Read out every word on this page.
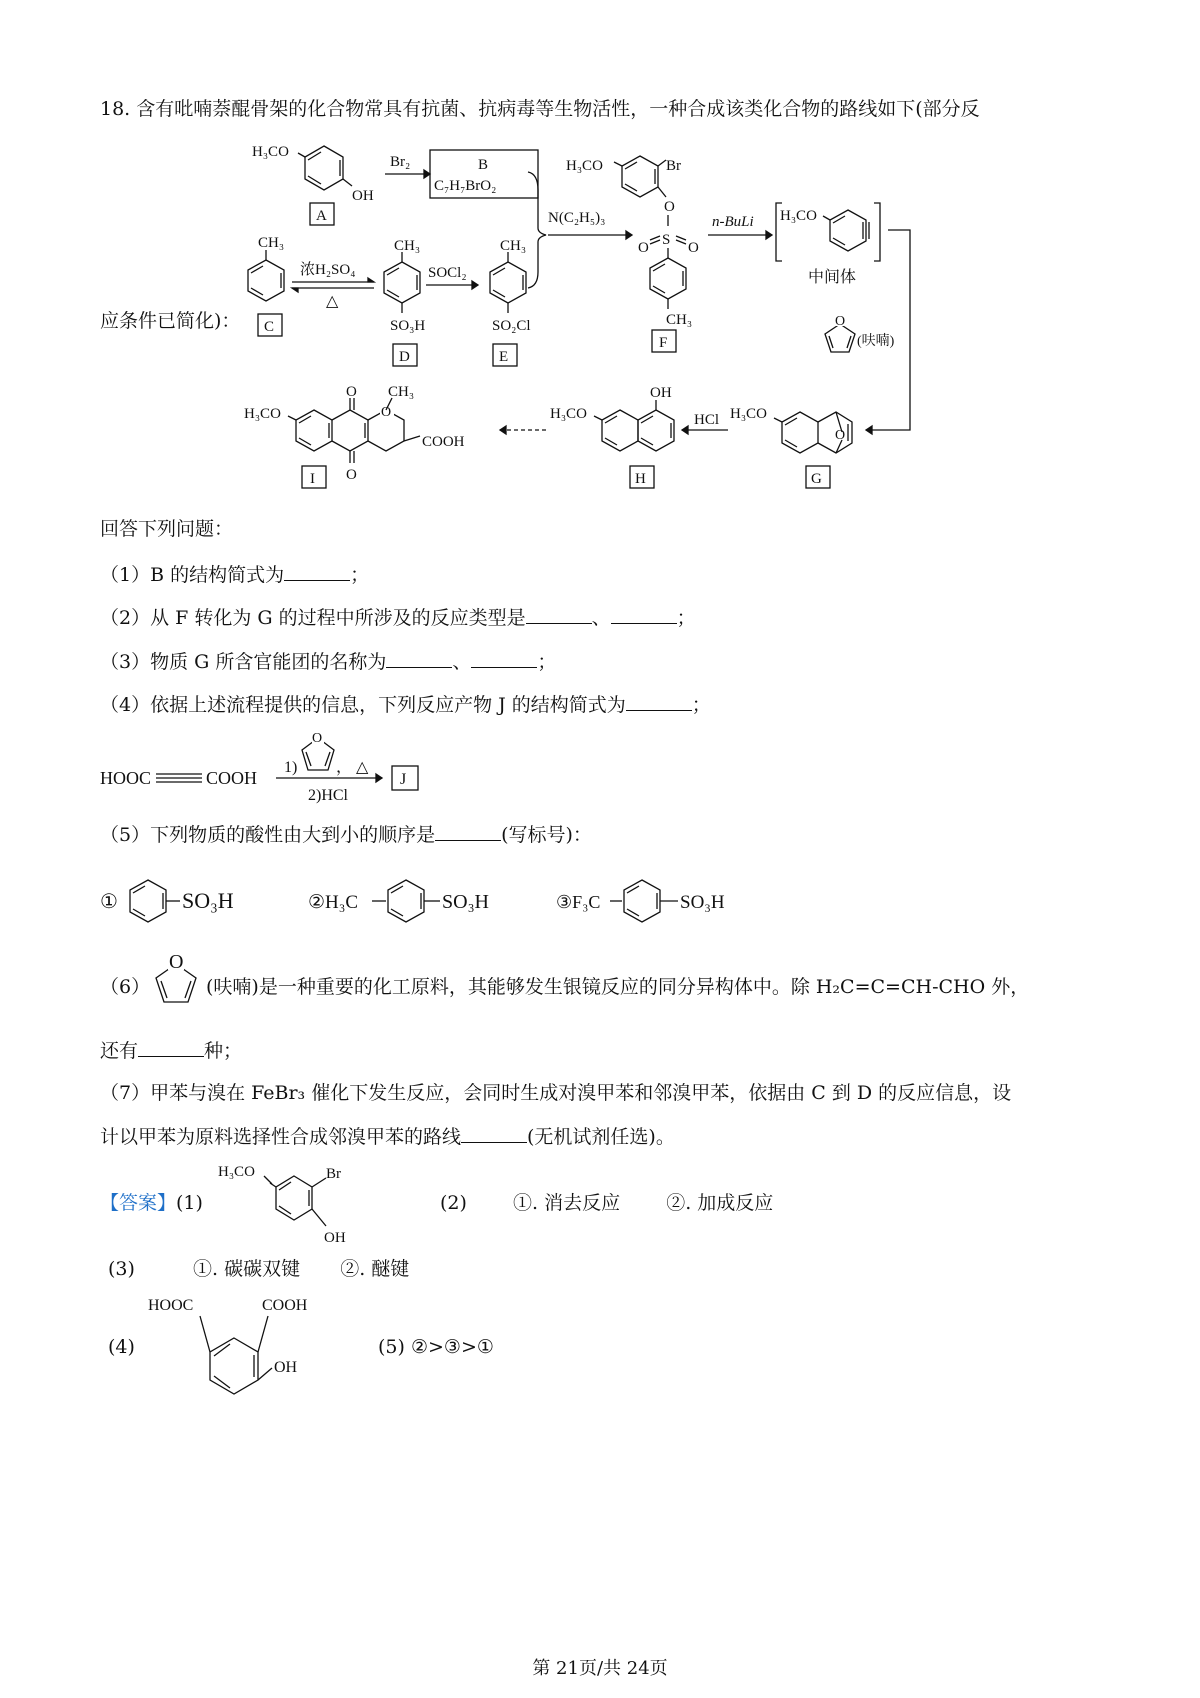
18. 含有吡喃萘醌骨架的化合物常具有抗菌、抗病毒等生物活性，一种合成该类化合物的路线如下(部分反
应条件已简化)：
H₃CO
OH
A
Br₂	B
C₇H₇BrO₂
CH₃
C
浓H₂SO₄
△
CH₃
SO₃H
D
SOCl₂
CH₃
SO₂Cl
E
N(C₂H₅)₃
H₃CO	Br
O
S
O	O
CH₃
F
n-BuLi H₃CO
中间体
O
(呋喃)
O
H₃CO
G
HCl
H₃CO
OH
H
O
O
O
CH₃
COOH
H₃CO
I
回答下列问题：
（1）B 的结构简式为	；
（2）从 F 转化为 G 的过程中所涉及的反应类型是	、	；
（3）物质 G 所含官能团的名称为	、	；
（4）依据上述流程提供的信息，下列反应产物 J 的结构简式为	；
HOOC	COOH
1)
O
， △
2)HCl
J
（5）下列物质的酸性由大到小的顺序是	(写标号)：
①	SO₃H	②H₃C	SO₃H	③F₃C	SO₃H
（6）
O
(呋喃)是一种重要的化工原料，其能够发生银镜反应的同分异构体中。除 H₂C=C=CH-CHO 外，
还有	种；
（7）甲苯与溴在 FeBr₃ 催化下发生反应，会同时生成对溴甲苯和邻溴甲苯，依据由 C 到 D 的反应信息，设
计以甲苯为原料选择性合成邻溴甲苯的路线	(无机试剂任选)。
【答案】(1)
H₃CO	Br
OH
(2) ①. 消去反应 ②. 加成反应
(3)	①. 碳碳双键 ②. 醚键
(4)
HOOC	COOH
OH
(5) ②>③>①
第 21页/共 24页
